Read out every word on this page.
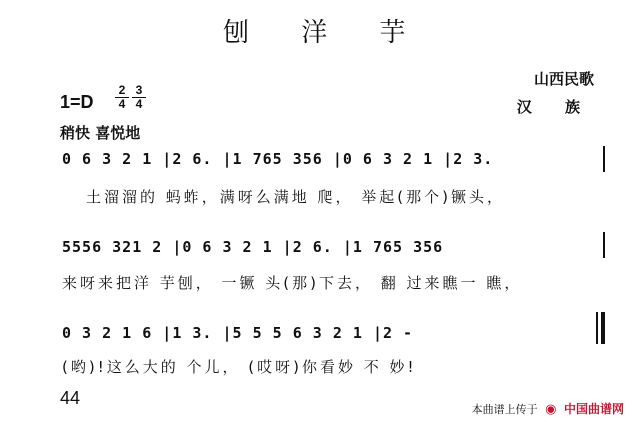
刨 洋 芋
1=D
2
4
3
4
山西民歌
汉 族
稍快 喜悦地
0 6 3 2 1 |2 6. |1 765 356 |0 6 3 2 1 |2 3.
土溜溜的 蚂蚱，满呀么满地 爬， 举起(那个)镢头，
5556 321 2 |0 6 3 2 1 |2 6. |1 765 356
来呀来把洋 芋刨， 一镢 头(那)下去， 翻 过来瞧一 瞧，
0 3 2 1 6 |1 3. |5 5 5 6 3 2 1 |2 -
(哟)!这么大的 个儿， (哎呀)你看妙 不 妙!
44
本曲谱上传于 ◉ 中国曲谱网
